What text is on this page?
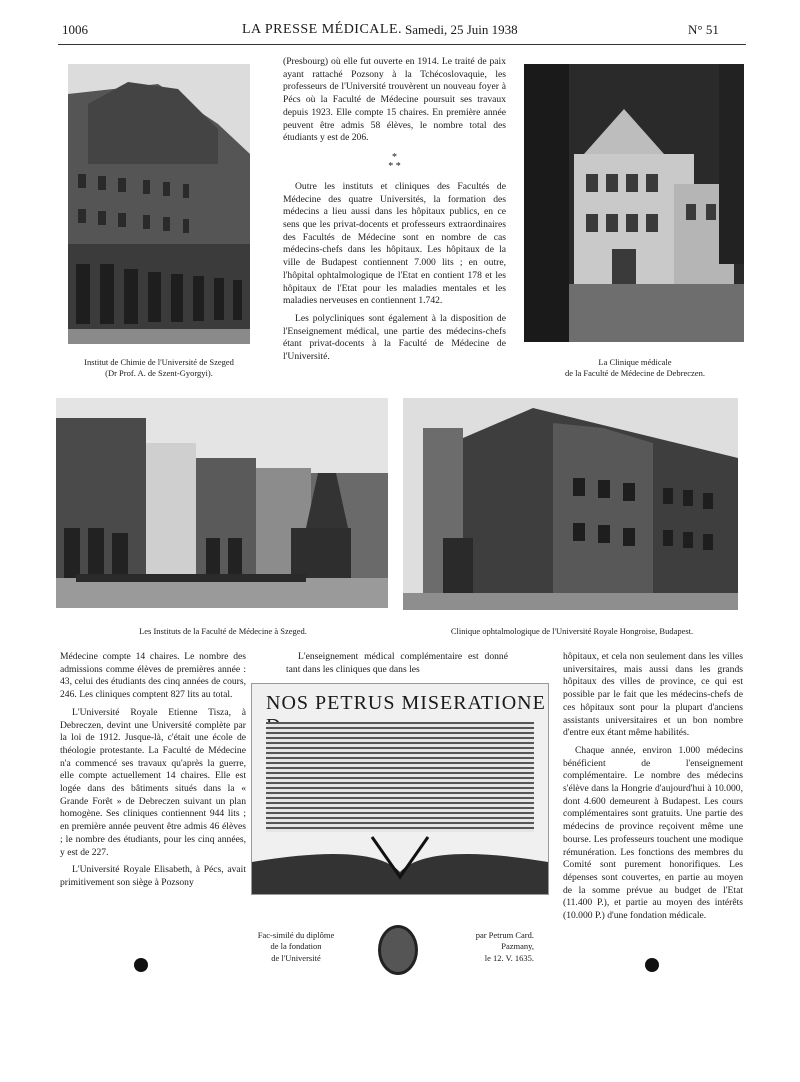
1006	LA PRESSE MÉDICALE. Samedi, 25 Juin 1938	N° 51
Institut de Chimie de l'Université de Szeged
(Dr Prof. A. de Szent-Gyorgyi).

(Presbourg) où elle fut ouverte en 1914. Le traité de paix ayant rattaché Pozsony à la Tchécoslovaquie, les professeurs de l'Université trouvèrent un nouveau foyer à Pécs où la Faculté de Médecine poursuit ses travaux depuis 1923. Elle compte 15 chaires. En première année peuvent être admis 58 élèves, le nombre total des étudiants y est de 206.

*
* *

Outre les instituts et cliniques des Facultés de Médecine des quatre Universités, la formation des médecins a lieu aussi dans les hôpitaux publics, en ce sens que les privat-docents et professeurs extraordinaires des Facultés de Médecine sont en nombre de cas médecins-chefs dans les hôpitaux. Les hôpitaux de la ville de Budapest contiennent 7.000 lits ; en outre, l'hôpital ophtalmologique de l'Etat en contient 178 et les hôpitaux de l'Etat pour les maladies mentales et les maladies nerveuses en contiennent 1.742.

Les polycliniques sont également à la disposition de l'Enseignement médical, une partie des médecins-chefs étant privat-docents à la Faculté de Médecine de l'Université.	La Clinique médicale
de la Faculté de Médecine de Debreczen.
Les Instituts de la Faculté de Médecine à Szeged.	Clinique ophtalmologique de l'Université Royale Hongroise, Budapest.

Médecine compte 14 chaires. Le nombre des admissions comme élèves de premières année : 43, celui des étudiants des cinq années de cours, 246. Les cliniques comptent 827 lits au total.

L'Université Royale Etienne Tisza, à Debreczen, devint une Université complète par la loi de 1912. Jusque-là, c'était une école de théologie protestante. La Faculté de Médecine n'a commencé ses travaux qu'après la guerre, elle compte actuellement 14 chaires. Elle est logée dans des bâtiments situés dans la « Grande Forêt » de Debreczen suivant un plan homogène. Ses cliniques contiennent 944 lits ; en première année peuvent être admis 46 élèves ; le nombre des étudiants, pour les cinq années, y est de 227.

L'Université Royale Elisabeth, à Pécs, avait primitivement son siège à Pozsony

L'enseignement médical complémentaire est donné tant dans les cliniques que dans les

NOS PETRUS MISERATIONE
Fac-similé du diplôme
de la fondation
de l'Université
par Petrum Card.
Pazmany,
le 12. V. 1635.

hôpitaux, et cela non seulement dans les villes universitaires, mais aussi dans les grands hôpitaux des villes de province, ce qui est possible par le fait que les médecins-chefs de ces hôpitaux sont pour la plupart d'anciens assistants universitaires et un bon nombre d'entre eux étant même habilités.

Chaque année, environ 1.000 médecins bénéficient de l'enseignement complémentaire. Le nombre des médecins s'élève dans la Hongrie d'aujourd'hui à 10.000, dont 4.600 demeurent à Budapest. Les cours complémentaires sont gratuits. Une partie des médecins de province reçoivent même une bourse. Les professeurs touchent une modique rémunération. Les fonctions des membres du Comité sont purement honorifiques. Les dépenses sont couvertes, en partie au moyen de la somme prévue au budget de l'Etat (11.400 P.), et partie au moyen des intérêts (10.000 P.) d'une fondation médicale.
